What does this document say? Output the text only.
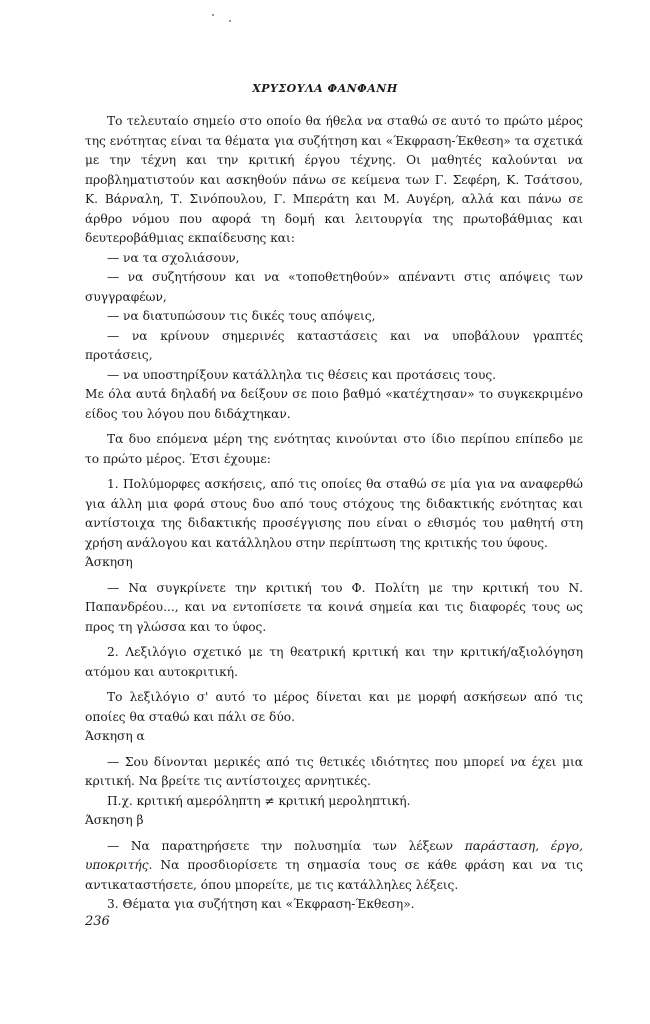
ΧΡΥΣΟΥΛΑ ΦΑΝΦΑΝΗ

Το τελευταίο σημείο στο οποίο θα ήθελα να σταθώ σε αυτό το πρώτο μέρος της ενότητας είναι τα θέματα για συζήτηση και «Έκφραση-Έκθεση» τα σχετικά με την τέχνη και την κριτική έργου τέχνης. Οι μαθητές καλούνται να προβληματιστούν και ασκηθούν πάνω σε κείμενα των Γ. Σεφέρη, Κ. Τσάτσου, Κ. Βάρναλη, Τ. Σινόπουλου, Γ. Μπεράτη και Μ. Αυγέρη, αλλά και πάνω σε άρθρο νόμου που αφορά τη δομή και λειτουργία της πρωτοβάθμιας και δευτεροβάθμιας εκπαίδευσης και:

— να τα σχολιάσουν,

— να συζητήσουν και να «τοποθετηθούν» απέναντι στις απόψεις των συγγραφέων,

— να διατυπώσουν τις δικές τους απόψεις,

— να κρίνουν σημερινές καταστάσεις και να υποβάλουν γραπτές προτάσεις,

— να υποστηρίξουν κατάλληλα τις θέσεις και προτάσεις τους.

Με όλα αυτά δηλαδή να δείξουν σε ποιο βαθμό «κατέχτησαν» το συγκεκριμένο είδος του λόγου που διδάχτηκαν.

Τα δυο επόμενα μέρη της ενότητας κινούνται στο ίδιο περίπου επίπεδο με το πρώτο μέρος. Έτσι έχουμε:

1. Πολύμορφες ασκήσεις, από τις οποίες θα σταθώ σε μία για να αναφερθώ για άλλη μια φορά στους δυο από τους στόχους της διδακτικής ενότητας και αντίστοιχα της διδακτικής προσέγγισης που είναι ο εθισμός του μαθητή στη χρήση ανάλογου και κατάλληλου στην περίπτωση της κριτικής του ύφους.

Άσκηση

— Να συγκρίνετε την κριτική του Φ. Πολίτη με την κριτική του Ν. Παπανδρέου..., και να εντοπίσετε τα κοινά σημεία και τις διαφορές τους ως προς τη γλώσσα και το ύφος.

2. Λεξιλόγιο σχετικό με τη θεατρική κριτική και την κριτική/αξιολόγηση ατόμου και αυτοκριτική.

Το λεξιλόγιο σ' αυτό το μέρος δίνεται και με μορφή ασκήσεων από τις οποίες θα σταθώ και πάλι σε δύο.

Άσκηση α

— Σου δίνονται μερικές από τις θετικές ιδιότητες που μπορεί να έχει μια κριτική. Να βρείτε τις αντίστοιχες αρνητικές.

Π.χ. κριτική αμερόληπτη ≠ κριτική μεροληπτική.

Άσκηση β

— Να παρατηρήσετε την πολυσημία των λέξεων παράσταση, έργο, υποκριτής. Να προσδιορίσετε τη σημασία τους σε κάθε φράση και να τις αντικαταστήσετε, όπου μπορείτε, με τις κατάλληλες λέξεις.

3. Θέματα για συζήτηση και «Έκφραση-Έκθεση».

236
